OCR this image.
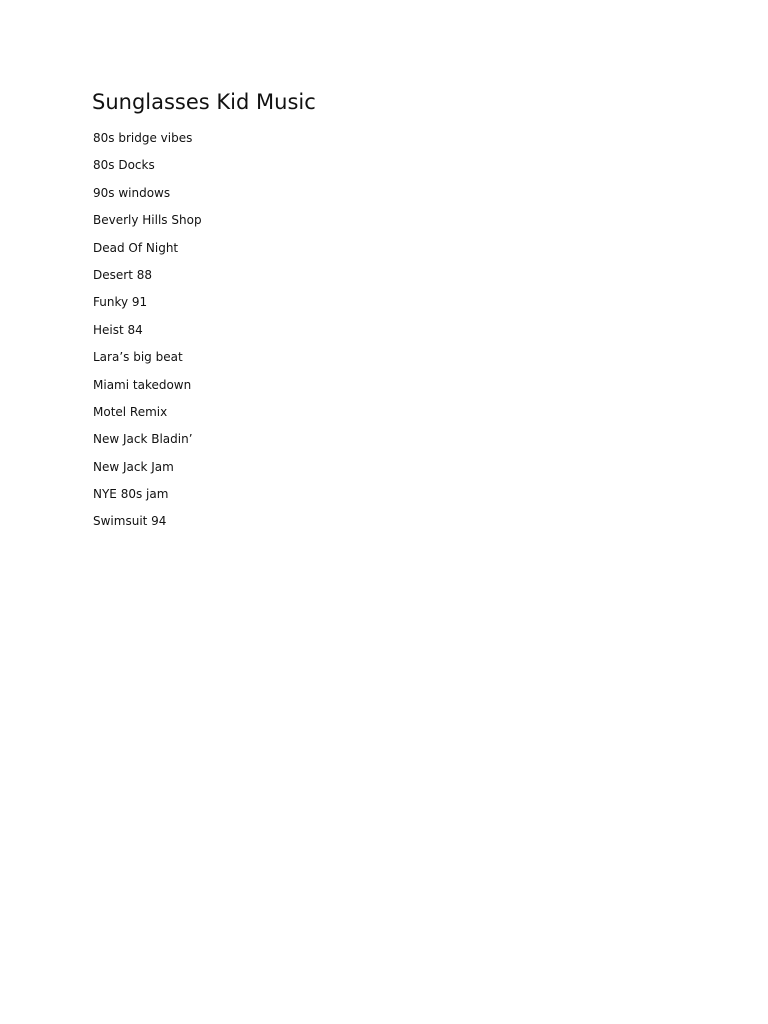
Sunglasses Kid Music
80s bridge vibes
80s Docks
90s windows
Beverly Hills Shop
Dead Of Night
Desert 88
Funky 91
Heist 84
Lara’s big beat
Miami takedown
Motel Remix
New Jack Bladin’
New Jack Jam
NYE 80s jam
Swimsuit 94
